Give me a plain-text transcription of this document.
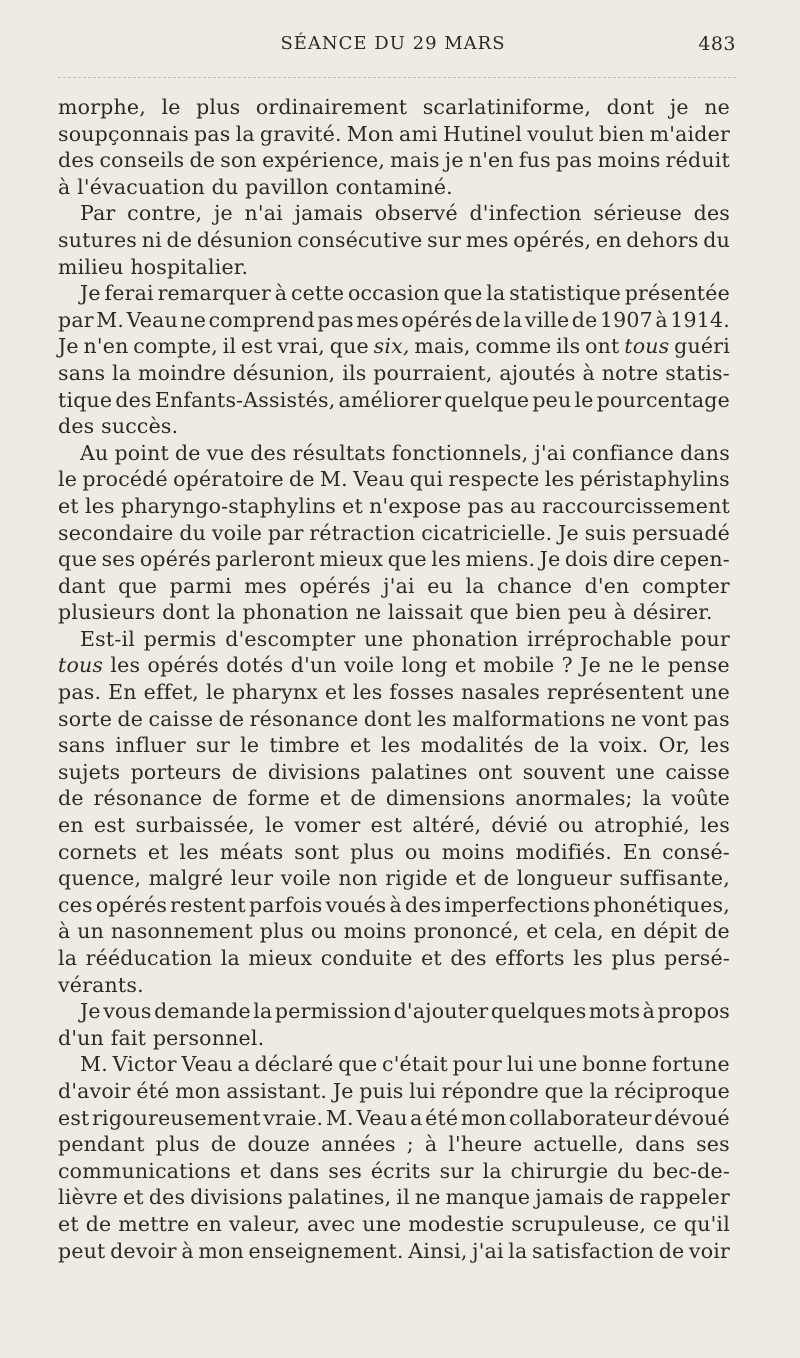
SÉANCE DU 29 MARS	483
morphe, le plus ordinairement scarlatiniforme, dont je ne
soupçonnais pas la gravité. Mon ami Hutinel voulut bien m'aider
des conseils de son expérience, mais je n'en fus pas moins réduit
à l'évacuation du pavillon contaminé.
Par contre, je n'ai jamais observé d'infection sérieuse des
sutures ni de désunion consécutive sur mes opérés, en dehors du
milieu hospitalier.
Je ferai remarquer à cette occasion que la statistique présentée
par M. Veau ne comprend pas mes opérés de la ville de 1907 à 1914.
Je n'en compte, il est vrai, que six, mais, comme ils ont tous guéri
sans la moindre désunion, ils pourraient, ajoutés à notre statis-
tique des Enfants-Assistés, améliorer quelque peu le pourcentage
des succès.
Au point de vue des résultats fonctionnels, j'ai confiance dans
le procédé opératoire de M. Veau qui respecte les péristaphylins
et les pharyngo-staphylins et n'expose pas au raccourcissement
secondaire du voile par rétraction cicatricielle. Je suis persuadé
que ses opérés parleront mieux que les miens. Je dois dire cepen-
dant que parmi mes opérés j'ai eu la chance d'en compter
plusieurs dont la phonation ne laissait que bien peu à désirer.
Est-il permis d'escompter une phonation irréprochable pour
tous les opérés dotés d'un voile long et mobile ? Je ne le pense
pas. En effet, le pharynx et les fosses nasales représentent une
sorte de caisse de résonance dont les malformations ne vont pas
sans influer sur le timbre et les modalités de la voix. Or, les
sujets porteurs de divisions palatines ont souvent une caisse
de résonance de forme et de dimensions anormales; la voûte
en est surbaissée, le vomer est altéré, dévié ou atrophié, les
cornets et les méats sont plus ou moins modifiés. En consé-
quence, malgré leur voile non rigide et de longueur suffisante,
ces opérés restent parfois voués à des imperfections phonétiques,
à un nasonnement plus ou moins prononcé, et cela, en dépit de
la rééducation la mieux conduite et des efforts les plus persé-
vérants.
Je vous demande la permission d'ajouter quelques mots à propos
d'un fait personnel.
M. Victor Veau a déclaré que c'était pour lui une bonne fortune
d'avoir été mon assistant. Je puis lui répondre que la réciproque
est rigoureusement vraie. M. Veau a été mon collaborateur dévoué
pendant plus de douze années ; à l'heure actuelle, dans ses
communications et dans ses écrits sur la chirurgie du bec-de-
lièvre et des divisions palatines, il ne manque jamais de rappeler
et de mettre en valeur, avec une modestie scrupuleuse, ce qu'il
peut devoir à mon enseignement. Ainsi, j'ai la satisfaction de voir
